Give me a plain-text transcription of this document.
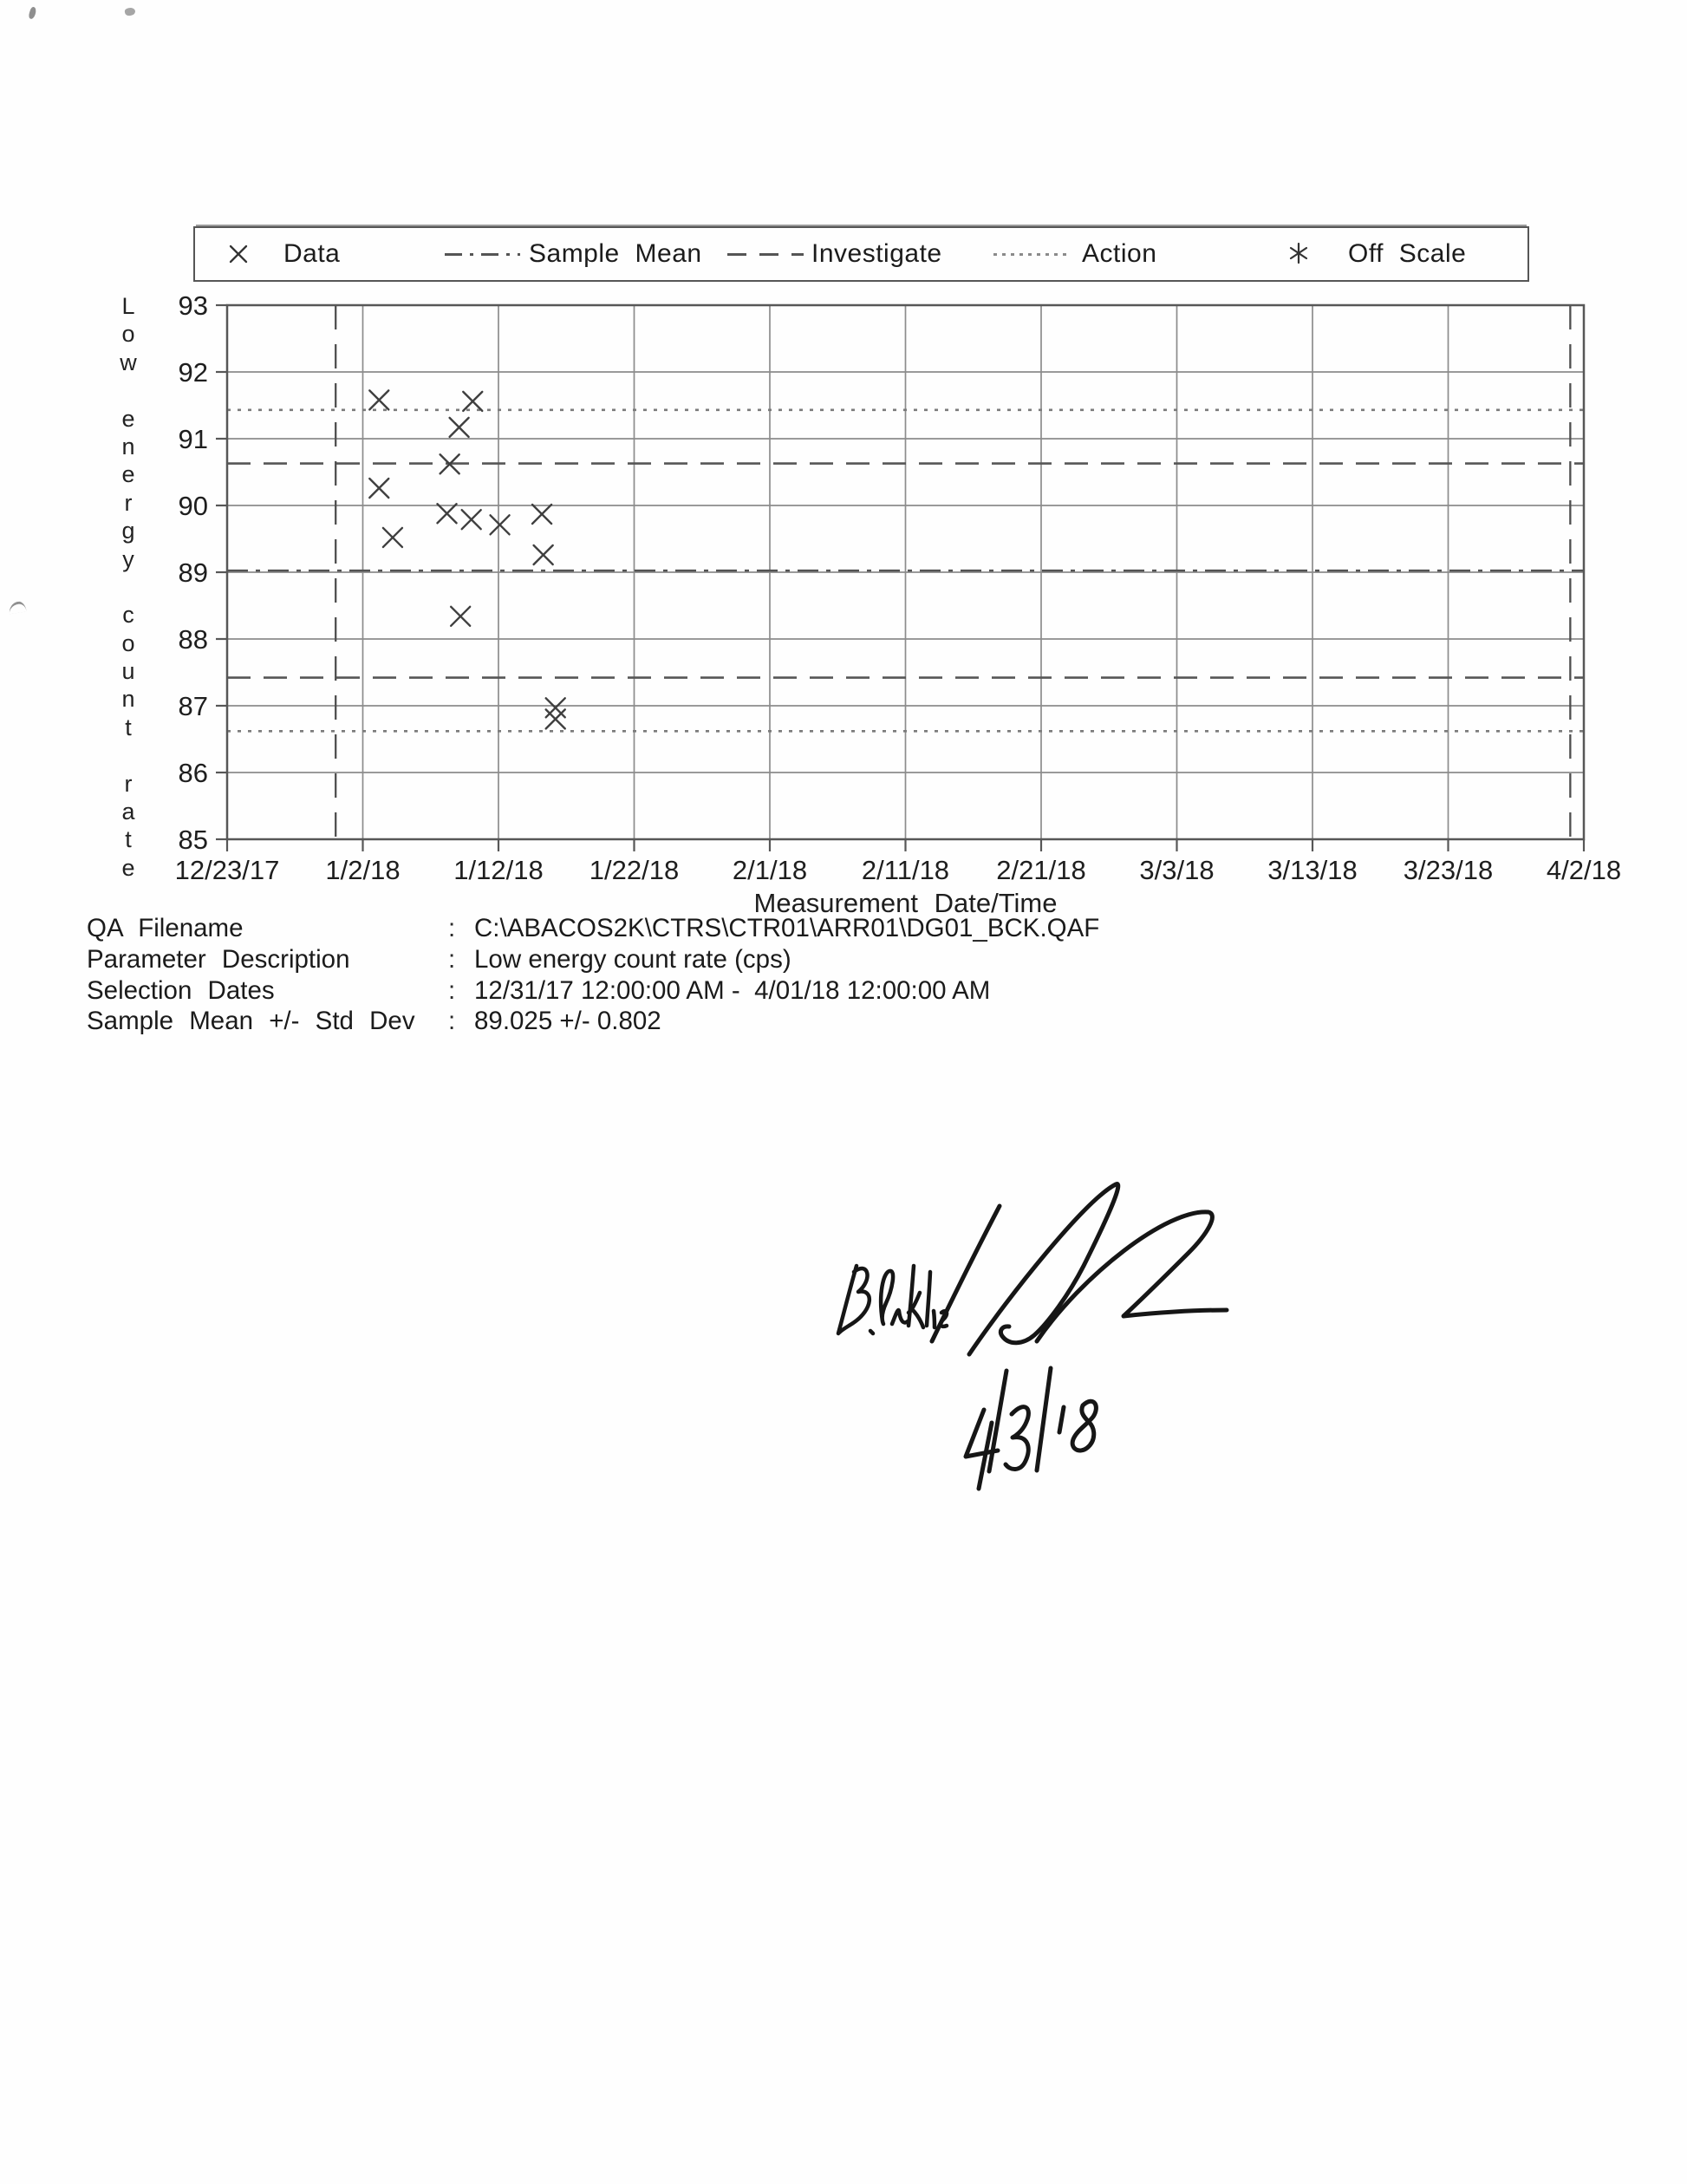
Data	Sample Mean	Investigate	Action	Off Scale
L
o
w
e
n
e
r
g
y
c
o
u
n
t
r
a
t
e
93
92
91
90
89
88
87
86
85
12/23/17 1/2/18 1/12/18 1/22/18 2/1/18 2/11/18 2/21/18 3/3/18 3/13/18 3/23/18 4/2/18
Measurement Date/Time
QA Filename	: C:\ABACOS2K\CTRS\CTR01\ARR01\DG01_BCK.QAF
Parameter Description	: Low energy count rate (cps)
Selection Dates	: 12/31/17 12:00:00 AM -  4/01/18 12:00:00 AM
Sample Mean +/- Std Dev	: 89.025 +/- 0.802
